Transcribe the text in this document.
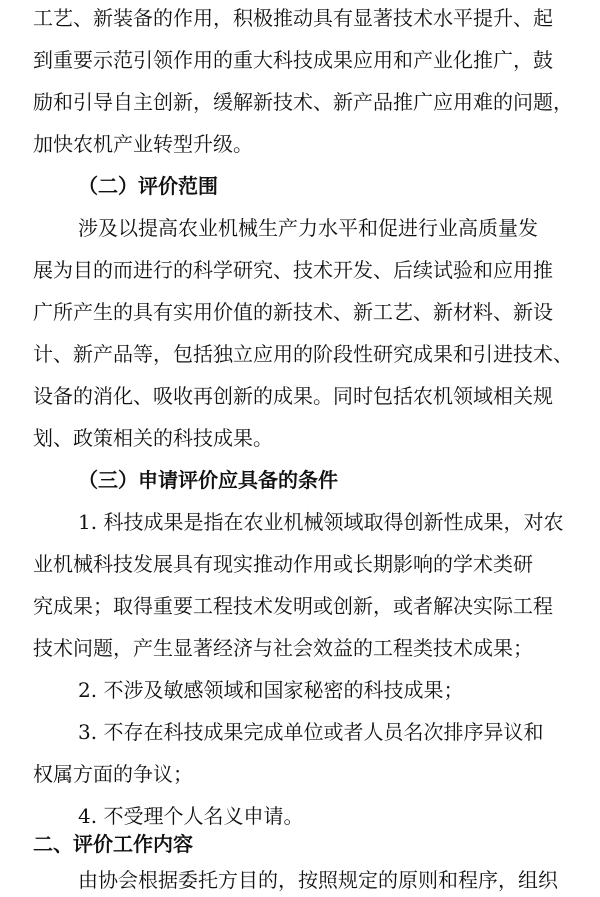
工艺、新装备的作用，积极推动具有显著技术水平提升、起
到重要示范引领作用的重大科技成果应用和产业化推广，鼓
励和引导自主创新，缓解新技术、新产品推广应用难的问题，
加快农机产业转型升级。
（二）评价范围
涉及以提高农业机械生产力水平和促进行业高质量发
展为目的而进行的科学研究、技术开发、后续试验和应用推
广所产生的具有实用价值的新技术、新工艺、新材料、新设
计、新产品等，包括独立应用的阶段性研究成果和引进技术、
设备的消化、吸收再创新的成果。同时包括农机领域相关规
划、政策相关的科技成果。
（三）申请评价应具备的条件
1. 科技成果是指在农业机械领域取得创新性成果，对农
业机械科技发展具有现实推动作用或长期影响的学术类研
究成果；取得重要工程技术发明或创新，或者解决实际工程
技术问题，产生显著经济与社会效益的工程类技术成果；
2. 不涉及敏感领域和国家秘密的科技成果；
3. 不存在科技成果完成单位或者人员名次排序异议和
权属方面的争议；
4. 不受理个人名义申请。
二、评价工作内容
由协会根据委托方目的，按照规定的原则和程序，组织
